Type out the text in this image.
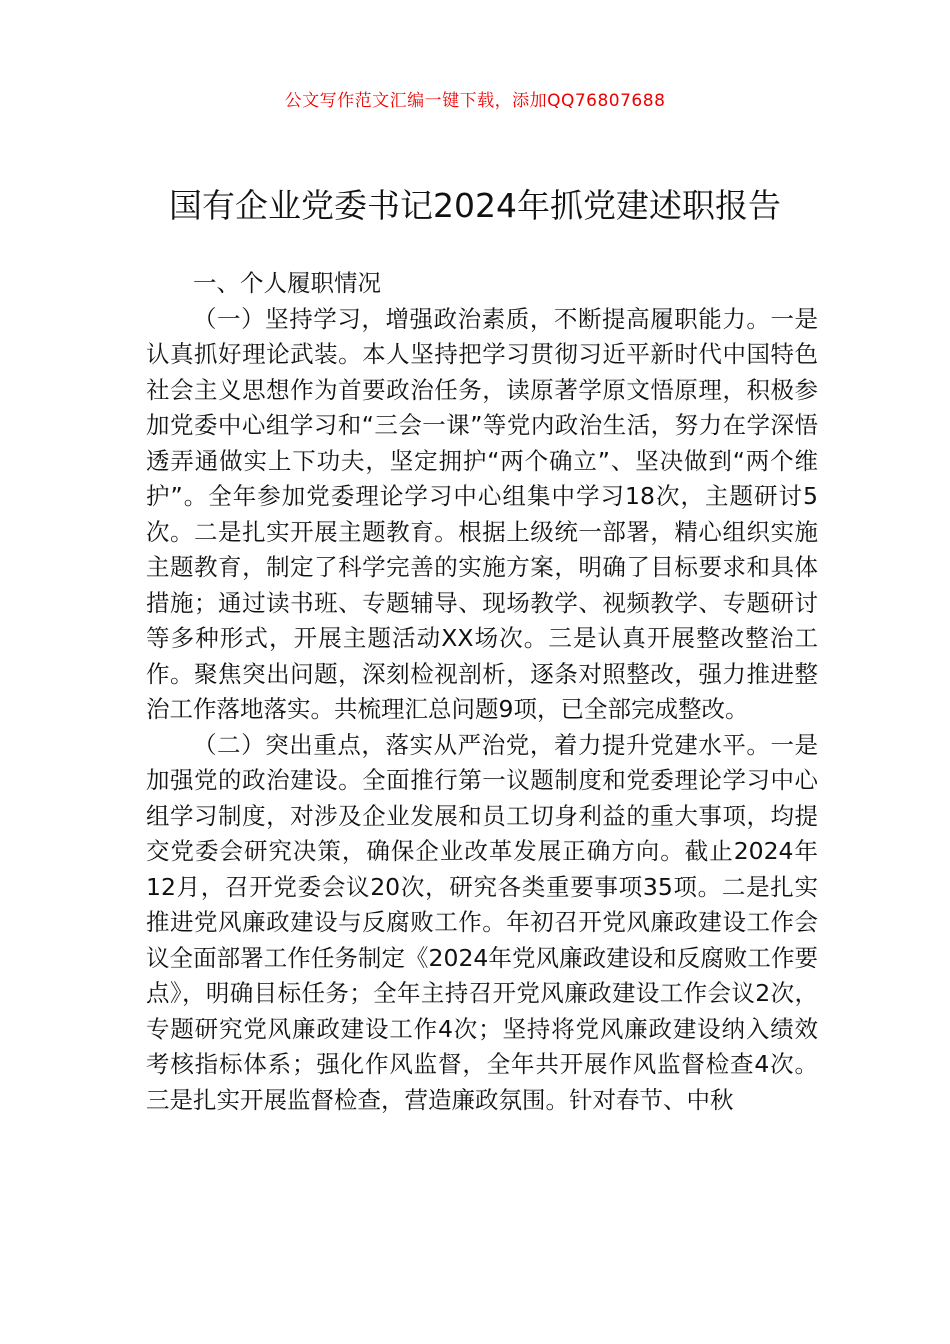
公文写作范文汇编一键下载，添加QQ76807688
国有企业党委书记2024年抓党建述职报告

一、个人履职情况

（一）坚持学习，增强政治素质，不断提高履职能力。一是认真抓好理论武装。本人坚持把学习贯彻习近平新时代中国特色社会主义思想作为首要政治任务，读原著学原文悟原理，积极参加党委中心组学习和“三会一课”等党内政治生活，努力在学深悟透弄通做实上下功夫，坚定拥护“两个确立”、坚决做到“两个维护”。全年参加党委理论学习中心组集中学习18次，主题研讨5次。二是扎实开展主题教育。根据上级统一部署，精心组织实施主题教育，制定了科学完善的实施方案，明确了目标要求和具体措施；通过读书班、专题辅导、现场教学、视频教学、专题研讨等多种形式，开展主题活动XX场次。三是认真开展整改整治工作。聚焦突出问题，深刻检视剖析，逐条对照整改，强力推进整治工作落地落实。共梳理汇总问题9项，已全部完成整改。

（二）突出重点，落实从严治党，着力提升党建水平。一是加强党的政治建设。全面推行第一议题制度和党委理论学习中心组学习制度，对涉及企业发展和员工切身利益的重大事项，均提交党委会研究决策，确保企业改革发展正确方向。截止2024年12月，召开党委会议20次，研究各类重要事项35项。二是扎实推进党风廉政建设与反腐败工作。年初召开党风廉政建设工作会议全面部署工作任务制定《2024年党风廉政建设和反腐败工作要点》，明确目标任务；全年主持召开党风廉政建设工作会议2次，专题研究党风廉政建设工作4次；坚持将党风廉政建设纳入绩效考核指标体系；强化作风监督，全年共开展作风监督检查4次。三是扎实开展监督检查，营造廉政氛围。针对春节、中秋
